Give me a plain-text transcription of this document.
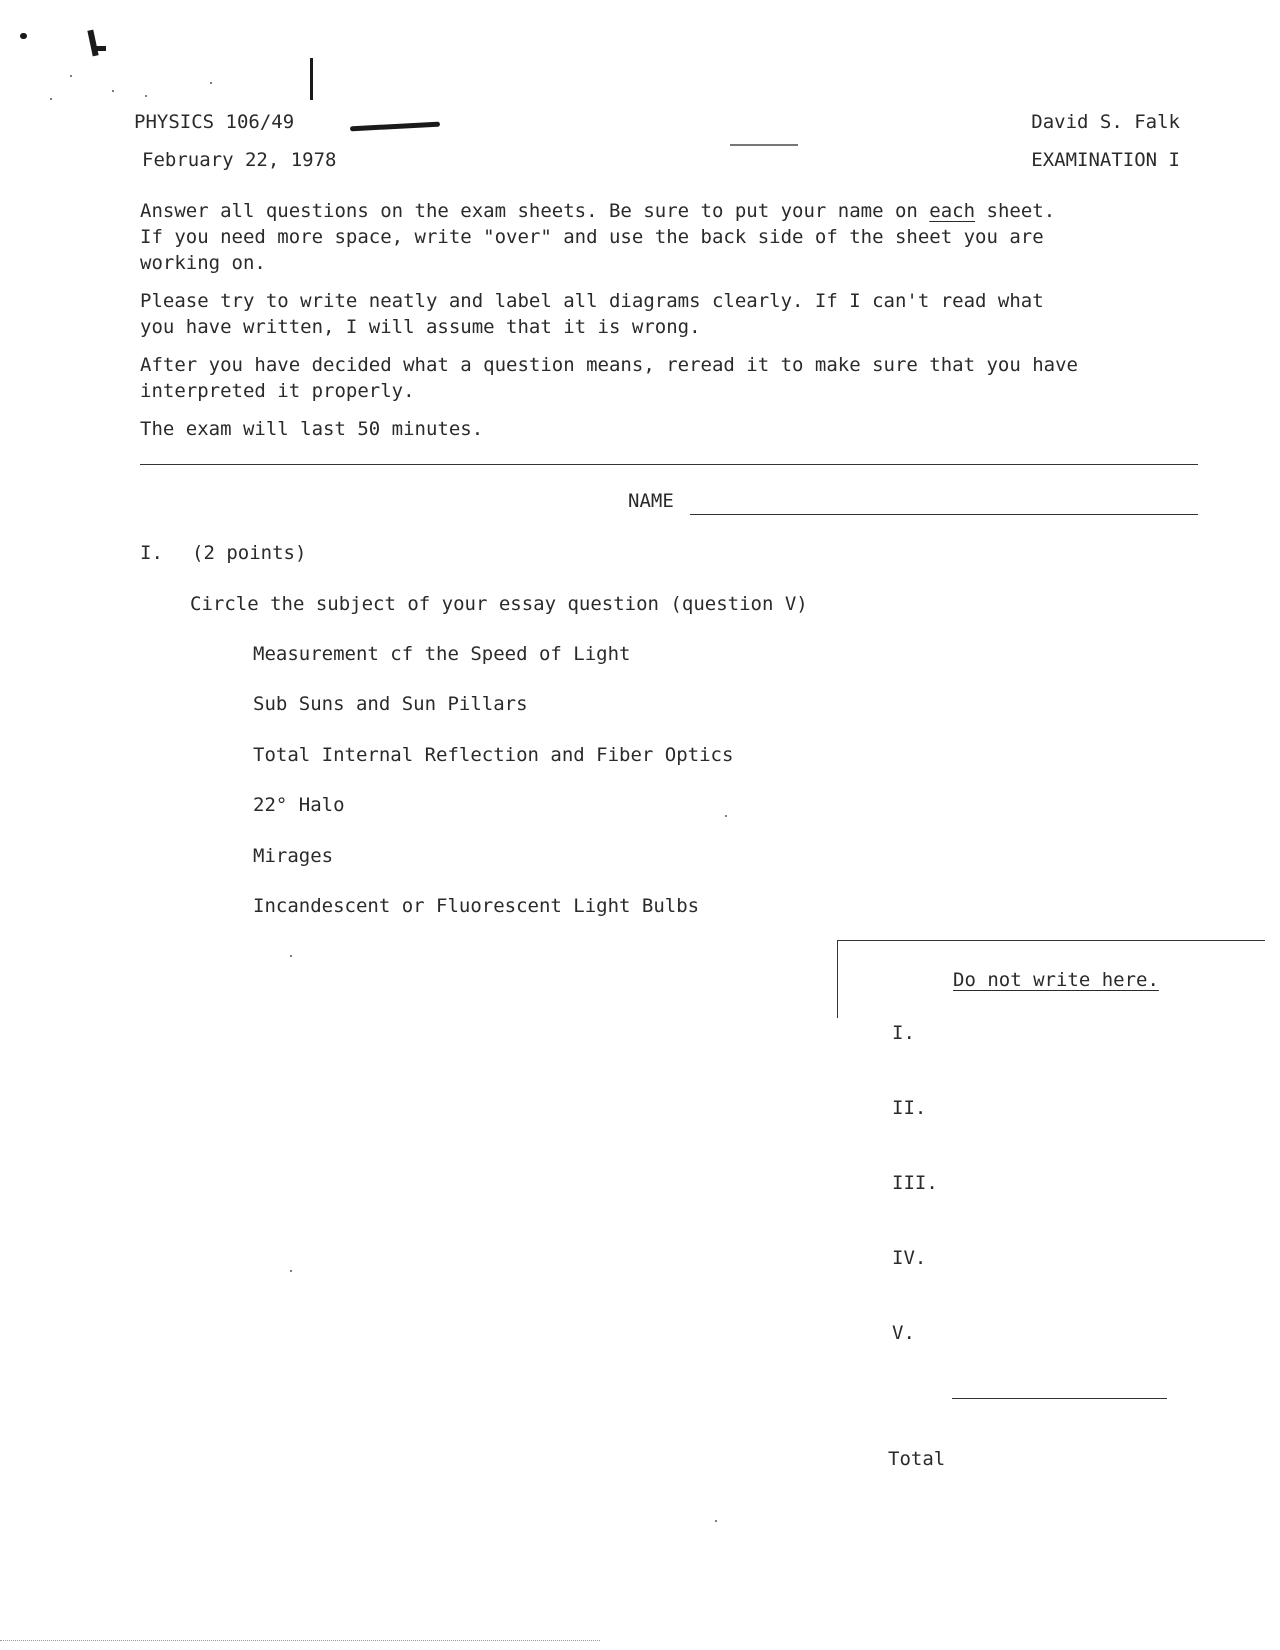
PHYSICS 106/49
February 22, 1978
David S. Falk
EXAMINATION I
Answer all questions on the exam sheets. Be sure to put your name on each sheet.
If you need more space, write "over" and use the back side of the sheet you are
working on.
Please try to write neatly and label all diagrams clearly. If I can't read what
you have written, I will assume that it is wrong.
After you have decided what a question means, reread it to make sure that you have
interpreted it properly.
The exam will last 50 minutes.
NAME
I. (2 points)
Circle the subject of your essay question (question V)
Measurement cf the Speed of Light
Sub Suns and Sun Pillars
Total Internal Reflection and Fiber Optics
22° Halo
Mirages
Incandescent or Fluorescent Light Bulbs
Do not write here.
I.
II.
III.
IV.
V.
Total
